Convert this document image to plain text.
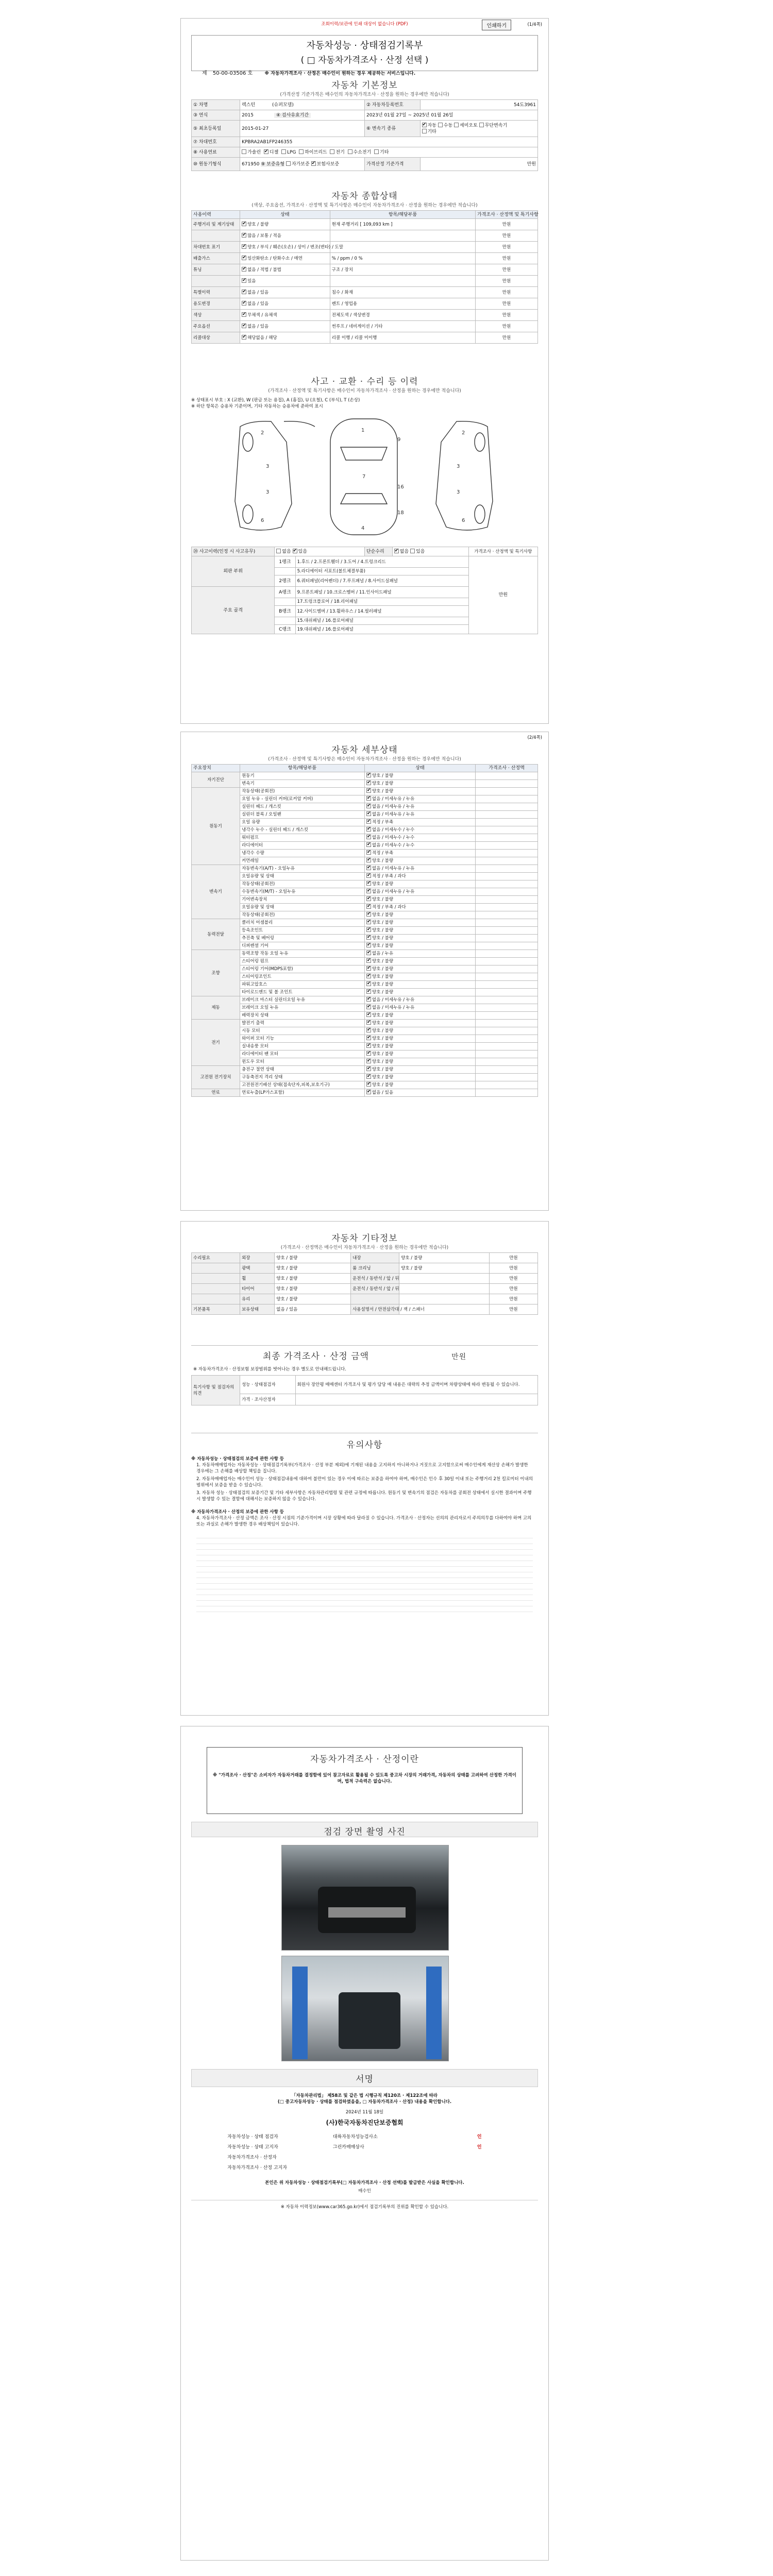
조회이력/보관에 인쇄 대상이 없습니다 (PDF)	인쇄하기	(1/4쪽)
자동차성능 · 상태점검기록부
( □ 자동차가격조사 · 산정 선택 )
제 50-00-03506 호	※ 자동차가격조사 · 산정은 매수인이 원하는 경우 제공하는 서비스입니다.
자동차 기본정보
(가격산정 기준가격은 매수인의 자동차가격조사 · 산정을 원하는 경우에만 적습니다)
① 차명	렉스턴 (슈퍼모델)	② 자동차등록번호	54도3961
③ 연식	2015 ④ 검사유효기간	2023년 01월 27일 ~ 2025년 01월 26일	
⑤ 최초등록일	2015-01-27	⑥ 변속기 종류	✔자동 수동 세미오토 무단변속기
기타
⑦ 차대번호	KPBRA2AB1FP246355		
⑧ 사용연료	가솔린 ✔ 디젤 LPG 하이브리드 전기 수소전기 기타
⑩ 원동기형식	671950 ⑨ 보증유형 자가보증 ✔ 보험사보증	가격산정 기준가격	만원
자동차 종합상태
(색상, 주요옵션, 가격조사 · 산정액 및 특기사항은 매수인이 자동차가격조사 · 산정을 원하는 경우에만 적습니다)
사용이력	상태	항목/해당부품	가격조사 · 산정액 및 특기사항
주행거리 및 계기상태	✔양호 / 불량	현재 주행거리 [ 109,093 km ]	만원
	✔많음 / 보통 / 적음		만원
차대번호 표기	✔양호 / 부식 / 훼손(오손) / 상이 / 변조(변타) / 도말		만원
배출가스	✔일산화탄소 / 탄화수소 / 매연	% / ppm / 0 %	만원
튜닝	✔없음 / 적법 / 불법	구조 / 장치	만원
	✔있음		만원
특별이력	✔없음 / 있음	침수 / 화재	만원
용도변경	✔없음 / 있음	렌트 / 영업용	만원
색상	✔무채색 / 유채색	전체도색 / 색상변경	만원
주요옵션	✔없음 / 있음	썬루프 / 네비게이션 / 기타	만원
리콜대상	✔해당없음 / 해당	리콜 이행 / 리콜 미이행	만원
사고 · 교환 · 수리 등 이력
(가격조사 · 산정액 및 특기사항은 매수인이 자동차가격조사 · 산정을 원하는 경우에만 적습니다)
※ 상태표시 부호 : X (교환), W (판금 또는 용접), A (흠집), U (요철), C (부식), T (손상)
※ 하단 항목은 승용차 기준이며, 기타 자동차는 승용차에 준하여 표시
2
3
3
6
1
7
4
2
3
3
6
9
16
18
⑳ 사고이력(인정 시 사고유무)	없음 ✔ 있음		단순수리	✔없음 있음	가격조사 · 산정액 및 특기사항
외판 부위	1랭크	1.후드 / 2.프론트휀더 / 3.도어 / 4.트렁크리드			만원
		5.라디에이터 서포트(볼트체결부품)			
	2랭크	6.쿼터패널(리어펜더) / 7.루프패널 / 8.사이드실패널			
주요 골격	A랭크	9.프론트패널 / 10.크로스멤버 / 11.인사이드패널			
		17.트렁크플로어 / 18.리어패널			
	B랭크	12.사이드멤버 / 13.휠하우스 / 14.필러패널			
		15.대쉬패널 / 16.플로어패널			
	C랭크	19.대쉬패널 / 16.플로어패널			
(2/4쪽)
자동차 세부상태
(가격조사 · 산정액 및 특기사항은 매수인이 자동차가격조사 · 산정을 원하는 경우에만 적습니다)
주요장치	항목/해당부품	상태	가격조사 · 산정액
자기진단	원동기	✔양호 / 불량	
	변속기	✔양호 / 불량	
원동기	작동상태(공회전)	✔양호 / 불량	
	오일 누유 - 실린더 커버(로커암 커버)	✔없음 / 미세누유 / 누유	
	실린더 헤드 / 개스킷	✔없음 / 미세누유 / 누유	
	실린더 블록 / 오일팬	✔없음 / 미세누유 / 누유	
	오일 유량	✔적정 / 부족	
	냉각수 누수 - 실린더 헤드 / 개스킷	✔없음 / 미세누수 / 누수	
	워터펌프	✔없음 / 미세누수 / 누수	
	라디에이터	✔없음 / 미세누수 / 누수	
	냉각수 수량	✔적정 / 부족	
	커먼레일	✔양호 / 불량	
변속기	자동변속기(A/T) - 오일누유	✔없음 / 미세누유 / 누유	
	오일유량 및 상태	✔적정 / 부족 / 과다	
	작동상태(공회전)	✔양호 / 불량	
	수동변속기(M/T) - 오일누유	✔없음 / 미세누유 / 누유	
	기어변속장치	✔양호 / 불량	
	오일유량 및 상태	✔적정 / 부족 / 과다	
	작동상태(공회전)	✔양호 / 불량	
동력전달	클러치 어셈블리	✔양호 / 불량	
	등속조인트	✔양호 / 불량	
	추진축 및 베어링	✔양호 / 불량	
	디퍼렌셜 기어	✔양호 / 불량	
조향	동력조향 작동 오일 누유	✔없음 / 누유	
	스티어링 펌프	✔양호 / 불량	
	스티어링 기어(MDPS포함)	✔양호 / 불량	
	스티어링조인트	✔양호 / 불량	
	파워고압호스	✔양호 / 불량	
	타이로드엔드 및 볼 조인트	✔양호 / 불량	
제동	브레이크 마스터 실린더오일 누유	✔없음 / 미세누유 / 누유	
	브레이크 오일 누유	✔없음 / 미세누유 / 누유	
	배력장치 상태	✔양호 / 불량	
전기	발전기 출력	✔양호 / 불량	
	시동 모터	✔양호 / 불량	
	와이퍼 모터 기능	✔양호 / 불량	
	실내송풍 모터	✔양호 / 불량	
	라디에이터 팬 모터	✔양호 / 불량	
	윈도우 모터	✔양호 / 불량	
고전원 전기장치	충전구 절연 상태	✔양호 / 불량	
	구동축전지 격리 상태	✔양호 / 불량	
	고전원전기배선 상태(접속단자,피복,보호기구)	✔양호 / 불량	
연료	연료누출(LP가스포함)	✔없음 / 있음	
자동차 기타정보
(가격조사 · 산정액은 매수인이 자동차가격조사 · 산정을 원하는 경우에만 적습니다)
수리필요	외장	양호 / 불량	내장	양호 / 불량	만원
	광택	양호 / 불량	룸 크리닝	양호 / 불량	만원
	휠	양호 / 불량	운전석 / 동반석 / 앞 / 뒤		만원
	타이어	양호 / 불량	운전석 / 동반석 / 앞 / 뒤		만원
	유리	양호 / 불량			만원
기본품목	보유상태	없음 / 있음	사용설명서 / 안전삼각대 / 잭 / 스패너		만원
최종 가격조사 · 산정 금액	만원
※ 자동차가격조사 · 산정보험 보장범위를 벗어나는 경우 별도로 안내해드립니다.
특기사항 및 점검자의 의견	성능 · 상태점검자	회원사 장안평 매매센터 가격조사 및 평가 담당 매 내용은 대략의 추정 금액이며 차량상태에 따라 변동될 수 있습니다.
	가격 · 조사산정자	
유의사항
※ 자동차성능 · 상태점검의 보증에 관한 사항 등
1. 자동차매매업자는 자동차성능 · 상태점검기록부(가격조사 · 산정 부분 제외)에 기재된 내용을 고지하지 아니하거나 거짓으로 고지함으로써 매수인에게 재산상 손해가 발생한 경우에는 그 손해를 배상할 책임을 집니다.
2. 자동차매매업자는 매수인이 성능 · 상태점검내용에 대하여 불만이 있는 경우 이에 따르는 보증을 하여야 하며, 매수인은 인수 후 30일 이내 또는 주행거리 2천 킬로미터 이내의 범위에서 보증을 받을 수 있습니다.
3. 자동차 성능 · 상태점검의 보증기간 및 기타 세부사항은 자동차관리법령 및 관련 규정에 따릅니다. 원동기 및 변속기의 점검은 자동차를 공회전 상태에서 실시한 결과이며 주행 시 발생할 수 있는 결함에 대해서는 보증하지 않을 수 있습니다.
※ 자동차가격조사 · 산정의 보증에 관한 사항 등
4. 자동차가격조사 · 산정 금액은 조사 · 산정 시점의 기준가격이며 시장 상황에 따라 달라질 수 있습니다. 가격조사 · 산정자는 선의의 관리자로서 주의의무를 다하여야 하며 고의 또는 과실로 손해가 발생한 경우 배상책임이 있습니다.
자동차가격조사 · 산정이란
※ "가격조사 · 산정"은 소비자가 자동차거래를 결정함에 있어 참고자료로 활용될 수 있도록 중고차 시장의 거래가격, 자동차의 상태를 고려하여 산정한 가격이며, 법적 구속력은 없습니다.
점검 장면 촬영 사진
서명
「자동차관리법」 제58조 및 같은 법 시행규칙 제120조 · 제122조에 따라
(□ 중고자동차성능 · 상태를 점검하였음을, □ 자동차가격조사 · 산정) 내용을 확인합니다.
2024년 11월 18일
(사)한국자동차진단보증협회
자동차성능 · 상태 점검자	대륙자동차성능검사소	인
자동차성능 · 상태 고지자	그린카매매상사	인
자동차가격조사 · 산정자		
자동차가격조사 · 산정 고지자		
본인은 위 자동차성능 · 상태점검기록부(□ 자동차가격조사 · 산정 선택)를 발급받은 사실을 확인합니다.
매수인
※ 자동차 이력정보(www.car365.go.kr)에서 점검기록부의 진위를 확인할 수 있습니다.
